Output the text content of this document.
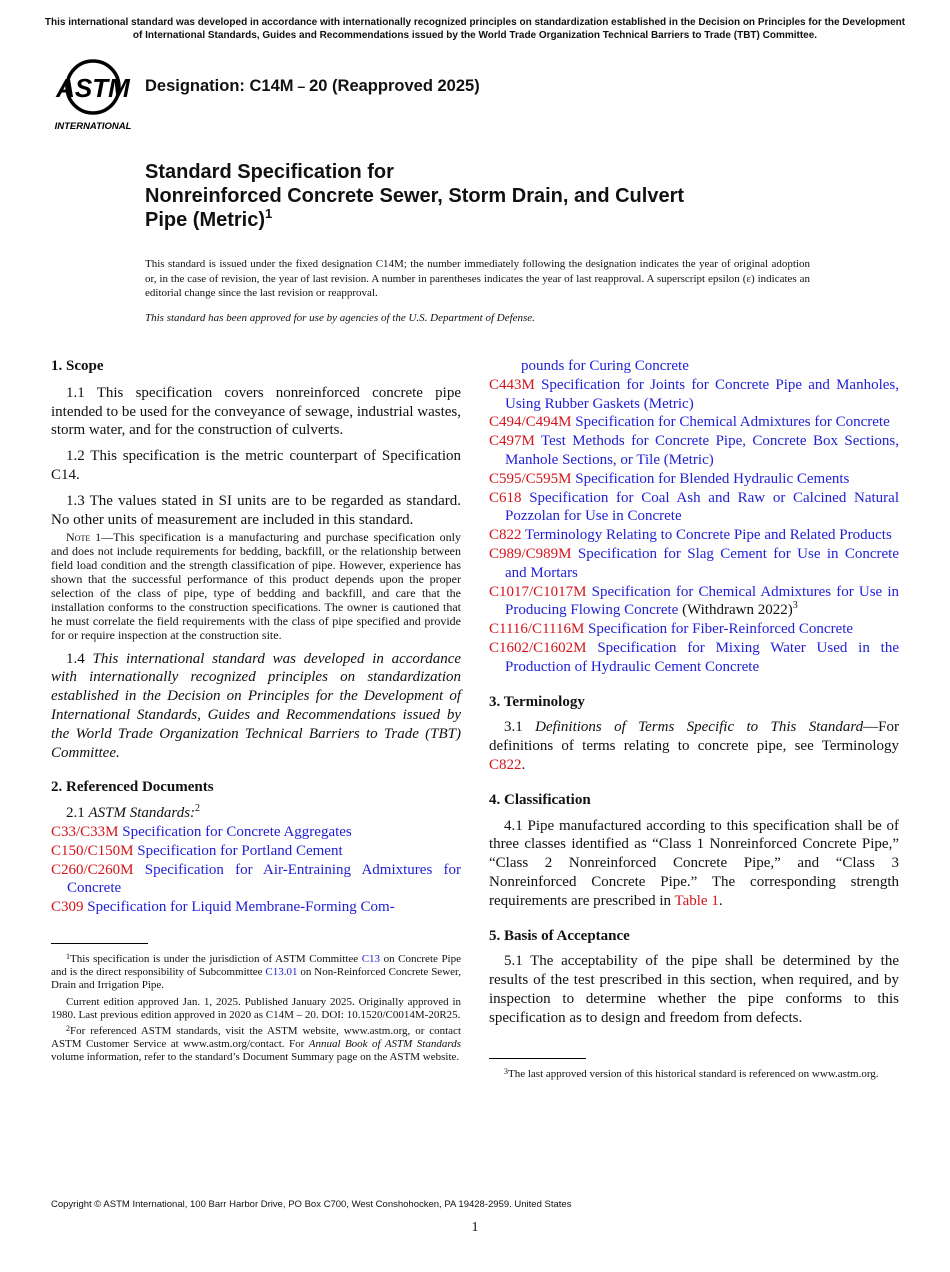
This international standard was developed in accordance with internationally recognized principles on standardization established in the Decision on Principles for the Development of International Standards, Guides and Recommendations issued by the World Trade Organization Technical Barriers to Trade (TBT) Committee.
ASTM
INTERNATIONAL
Designation: C14M – 20 (Reapproved 2025)
Standard Specification for
Nonreinforced Concrete Sewer, Storm Drain, and Culvert
Pipe (Metric)$^1$
This standard is issued under the fixed designation C14M; the number immediately following the designation indicates the year of original adoption or, in the case of revision, the year of last revision. A number in parentheses indicates the year of last reapproval. A superscript epsilon (ε) indicates an editorial change since the last revision or reapproval.
This standard has been approved for use by agencies of the U.S. Department of Defense.

1. Scope

1.1 This specification covers nonreinforced concrete pipe intended to be used for the conveyance of sewage, industrial wastes, storm water, and for the construction of culverts.

1.2 This specification is the metric counterpart of Specification C14.

1.3 The values stated in SI units are to be regarded as standard. No other units of measurement are included in this standard.

Note 1—This specification is a manufacturing and purchase specification only and does not include requirements for bedding, backfill, or the relationship between field load condition and the strength classification of pipe. However, experience has shown that the successful performance of this product depends upon the proper selection of the class of pipe, type of bedding and backfill, and care that the installation conforms to the construction specifications. The owner is cautioned that he must correlate the field requirements with the class of pipe specified and provide for or require inspection at the construction site.

1.4 This international standard was developed in accordance with internationally recognized principles on standardization established in the Decision on Principles for the Development of International Standards, Guides and Recommendations issued by the World Trade Organization Technical Barriers to Trade (TBT) Committee.

2. Referenced Documents

2.1 ASTM Standards:$^2$

C33/C33M Specification for Concrete Aggregates

C150/C150M Specification for Portland Cement

C260/C260M Specification for Air-Entraining Admixtures for Concrete

C309 Specification for Liquid Membrane-Forming Com-

$^1$This specification is under the jurisdiction of ASTM Committee C13 on Concrete Pipe and is the direct responsibility of Subcommittee C13.01 on Non-Reinforced Concrete Sewer, Drain and Irrigation Pipe.

Current edition approved Jan. 1, 2025. Published January 2025. Originally approved in 1980. Last previous edition approved in 2020 as C14M – 20. DOI: 10.1520/C0014M-20R25.

$^2$For referenced ASTM standards, visit the ASTM website, www.astm.org, or contact ASTM Customer Service at www.astm.org/contact. For Annual Book of ASTM Standards volume information, refer to the standard’s Document Summary page on the ASTM website.

pounds for Curing Concrete

C443M Specification for Joints for Concrete Pipe and Manholes, Using Rubber Gaskets (Metric)

C494/C494M Specification for Chemical Admixtures for Concrete

C497M Test Methods for Concrete Pipe, Concrete Box Sections, Manhole Sections, or Tile (Metric)

C595/C595M Specification for Blended Hydraulic Cements

C618 Specification for Coal Ash and Raw or Calcined Natural Pozzolan for Use in Concrete

C822 Terminology Relating to Concrete Pipe and Related Products

C989/C989M Specification for Slag Cement for Use in Concrete and Mortars

C1017/C1017M Specification for Chemical Admixtures for Use in Producing Flowing Concrete (Withdrawn 2022)$^3$

C1116/C1116M Specification for Fiber-Reinforced Concrete

C1602/C1602M Specification for Mixing Water Used in the Production of Hydraulic Cement Concrete

3. Terminology

3.1 Definitions of Terms Specific to This Standard—For definitions of terms relating to concrete pipe, see Terminology C822.

4. Classification

4.1 Pipe manufactured according to this specification shall be of three classes identified as “Class 1 Nonreinforced Concrete Pipe,” “Class 2 Nonreinforced Concrete Pipe,” and “Class 3 Nonreinforced Concrete Pipe.” The corresponding strength requirements are prescribed in Table 1.

5. Basis of Acceptance

5.1 The acceptability of the pipe shall be determined by the results of the test prescribed in this section, when required, and by inspection to determine whether the pipe conforms to this specification as to design and freedom from defects.

$^3$The last approved version of this historical standard is referenced on www.astm.org.

Copyright © ASTM International, 100 Barr Harbor Drive, PO Box C700, West Conshohocken, PA 19428-2959. United States
1
